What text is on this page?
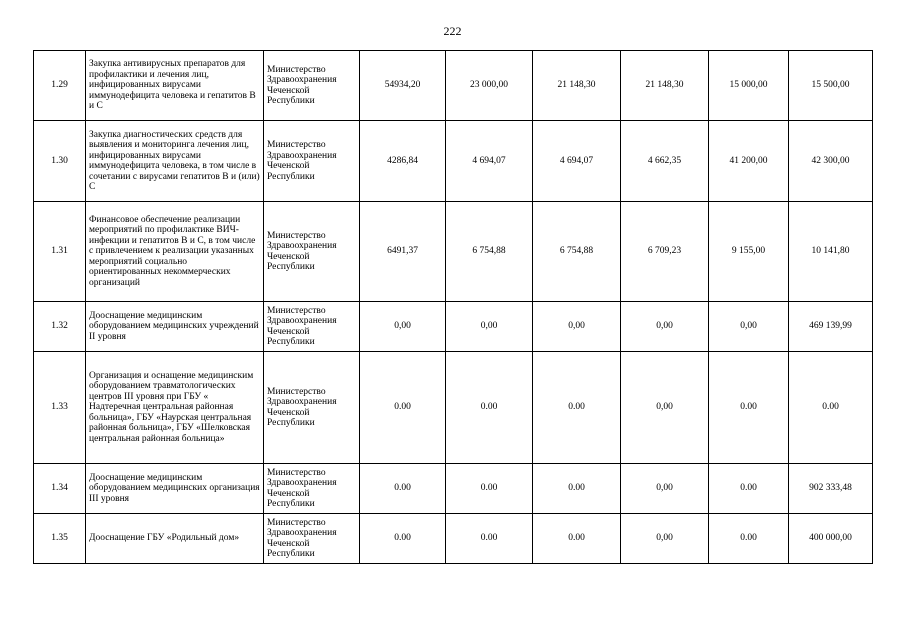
222
1.29	Закупка антивирусных препаратов для профилактики и лечения лиц, инфицированных вирусами иммунодефицита человека и гепатитов В и С	Министерство Здравоохранения Чеченской Республики	54934,20	23 000,00	21 148,30	21 148,30	15 000,00	15 500,00
1.30	Закупка диагностических средств для выявления и мониторинга лечения лиц, инфицированных вирусами иммунодефицита человека, в том числе в сочетании с вирусами гепатитов В и (или) С	Министерство Здравоохранения Чеченской Республики	4286,84	4 694,07	4 694,07	4 662,35	41 200,00	42 300,00
1.31	Финансовое обеспечение реализации мероприятий по профилактике ВИЧ-инфекции и гепатитов В и С, в том числе с привлечением к реализации указанных мероприятий социально ориентированных некоммерческих организаций	Министерство Здравоохранения Чеченской Республики	6491,37	6 754,88	6 754,88	6 709,23	9 155,00	10 141,80
1.32	Дооснащение медицинским оборудованием медицинских учреждений II уровня	Министерство Здравоохранения Чеченской Республики	0,00	0,00	0,00	0,00	0,00	469 139,99
1.33	Организация и оснащение медицинским оборудованием травматологических центров III уровня при ГБУ « Надтеречная центральная районная больница», ГБУ «Наурская центральная районная больница», ГБУ «Шелковская центральная районная больница»	Министерство Здравоохранения Чеченской Республики	0.00	0.00	0.00	0,00	0.00	0.00
1.34	Дооснащение медицинским оборудованием медицинских организация III уровня	Министерство Здравоохранения Чеченской Республики	0.00	0.00	0.00	0,00	0.00	902 333,48
1.35	Дооснащение ГБУ «Родильный дом»	Министерство Здравоохранения Чеченской Республики	0.00	0.00	0.00	0,00	0.00	400 000,00
